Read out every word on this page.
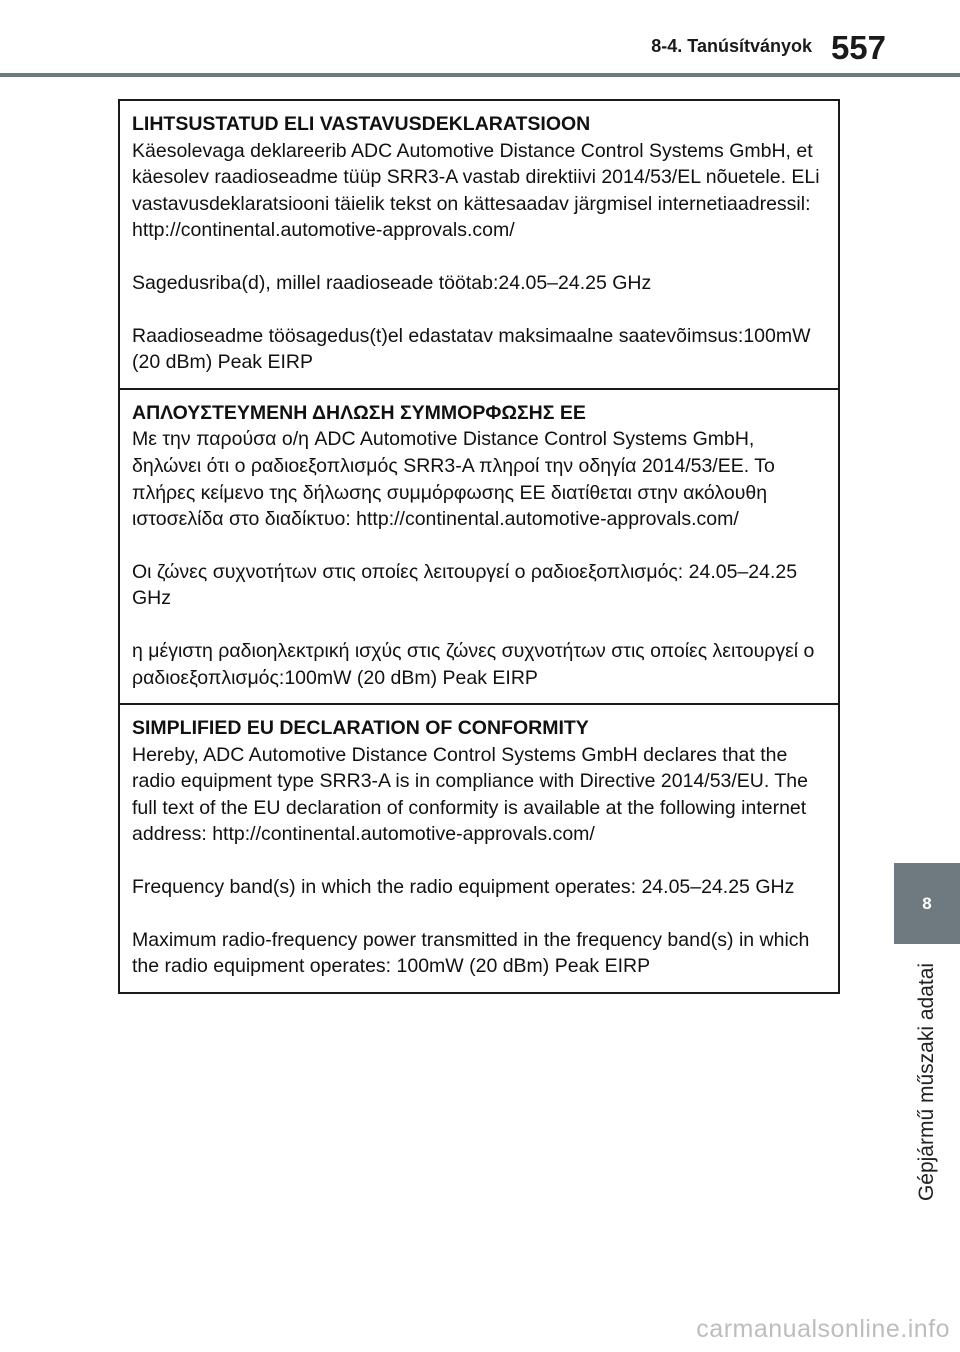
8-4. Tanúsítványok 557
8
Gépjármű műszaki adatai
LIHTSUSTATUD ELI VASTAVUSDEKLARATSIOON

Käesolevaga deklareerib ADC Automotive Distance Control Systems GmbH, et käesolev raadioseadme tüüp SRR3-A vastab direktiivi 2014/53/EL nõuetele. ELi vastavusdeklaratsiooni täielik tekst on kättesaadav järgmisel internetiaadressil: http://continental.automotive-approvals.com/

Sagedusriba(d), millel raadioseade töötab:24.05–24.25 GHz

Raadioseadme töösagedus(t)el edastatav maksimaalne saatevõimsus:100mW (20 dBm) Peak EIRP

ΑΠΛΟΥΣΤΕΥΜΕΝΗ ΔΗΛΩΣΗ ΣΥΜΜΟΡΦΩΣΗΣ ΕΕ

Με την παρούσα ο/η ADC Automotive Distance Control Systems GmbH, δηλώνει ότι ο ραδιοεξοπλισμός SRR3-A πληροί την οδηγία 2014/53/ΕΕ. Το πλήρες κείμενο της δήλωσης συμμόρφωσης ΕΕ διατίθεται στην ακόλουθη ιστοσελίδα στο διαδίκτυο: http://continental.automotive-approvals.com/

Οι ζώνες συχνοτήτων στις οποίες λειτουργεί ο ραδιοεξοπλισμός: 24.05–24.25 GHz

η μέγιστη ραδιοηλεκτρική ισχύς στις ζώνες συχνοτήτων στις οποίες λειτουργεί ο ραδιοεξοπλισμός:100mW (20 dBm) Peak EIRP

SIMPLIFIED EU DECLARATION OF CONFORMITY

Hereby, ADC Automotive Distance Control Systems GmbH declares that the radio equipment type SRR3-A is in compliance with Directive 2014/53/EU. The full text of the EU declaration of conformity is available at the following internet address: http://continental.automotive-approvals.com/

Frequency band(s) in which the radio equipment operates: 24.05–24.25 GHz

Maximum radio-frequency power transmitted in the frequency band(s) in which the radio equipment operates: 100mW (20 dBm) Peak EIRP

carmanualsonline.info
